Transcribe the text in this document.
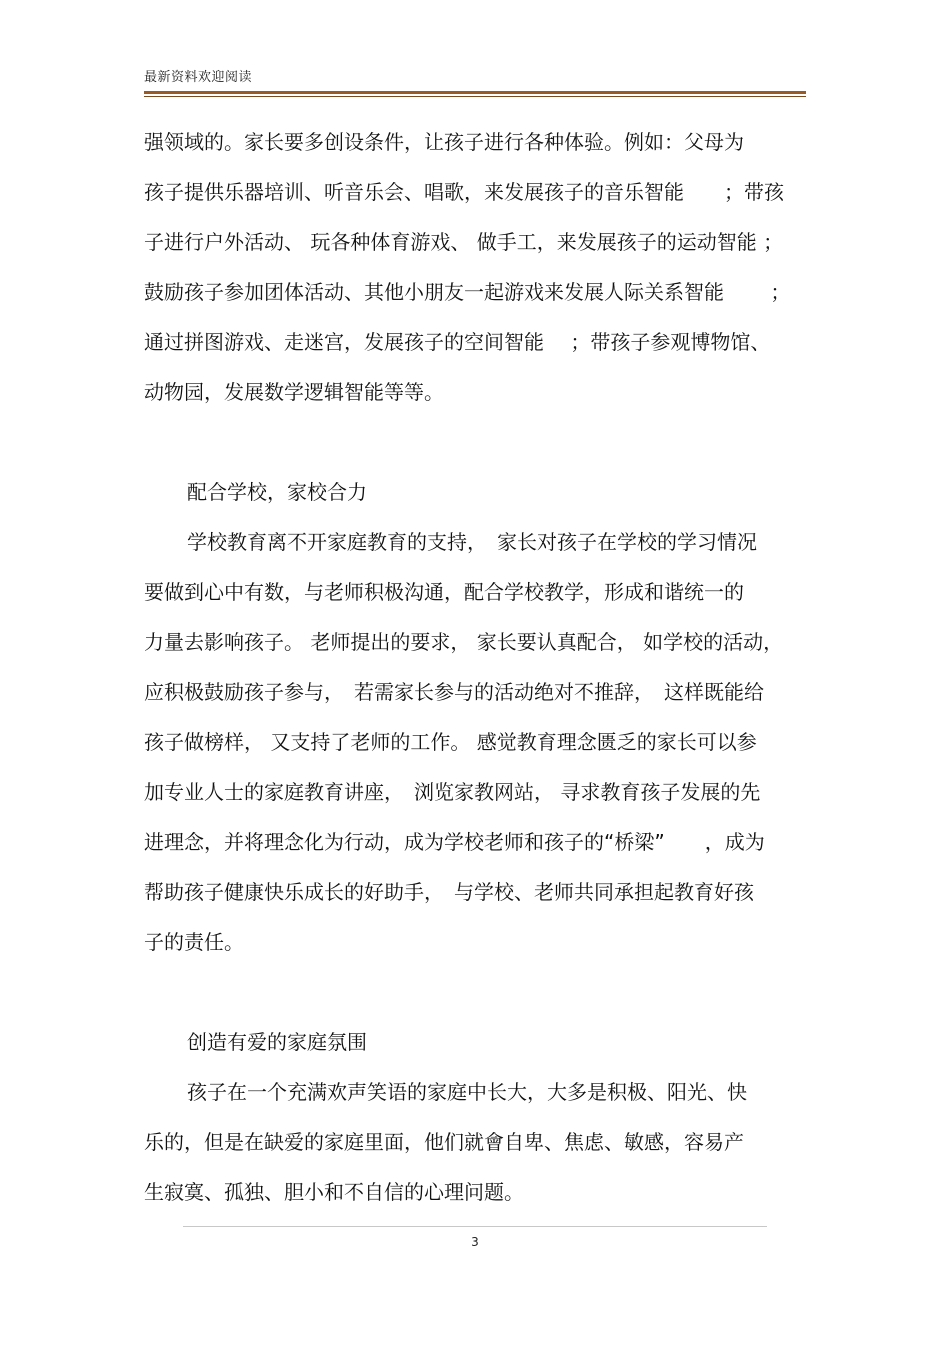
最新资料欢迎阅读
强领域的。家长要多创设条件，让孩子进行各种体验。例如：父母为
孩子提供乐器培训、听音乐会、唱歌，来发展孩子的音乐智能　　；带孩
子进行户外活动、 玩各种体育游戏、 做手工，来发展孩子的运动智能 ；
鼓励孩子参加团体活动、其他小朋友一起游戏来发展人际关系智能　　 ；
通过拼图游戏、走迷宫，发展孩子的空间智能　 ；带孩子参观博物馆、
动物园，发展数学逻辑智能等等。
配合学校，家校合力
学校教育离不开家庭教育的支持，　家长对孩子在学校的学习情况
要做到心中有数，与老师积极沟通，配合学校教学，形成和谐统一的
力量去影响孩子。 老师提出的要求， 家长要认真配合， 如学校的活动，
应积极鼓励孩子参与，　若需家长参与的活动绝对不推辞，　这样既能给
孩子做榜样， 又支持了老师的工作。 感觉教育理念匮乏的家长可以参
加专业人士的家庭教育讲座，　浏览家教网站， 寻求教育孩子发展的先
进理念，并将理念化为行动，成为学校老师和孩子的“桥梁”　　，成为
帮助孩子健康快乐成长的好助手，　与学校、老师共同承担起教育好孩
子的责任。
创造有爱的家庭氛围
孩子在一个充满欢声笑语的家庭中长大，大多是积极、阳光、快
乐的，但是在缺爱的家庭里面，他们就會自卑、焦虑、敏感，容易产
生寂寞、孤独、胆小和不自信的心理问题。
3
